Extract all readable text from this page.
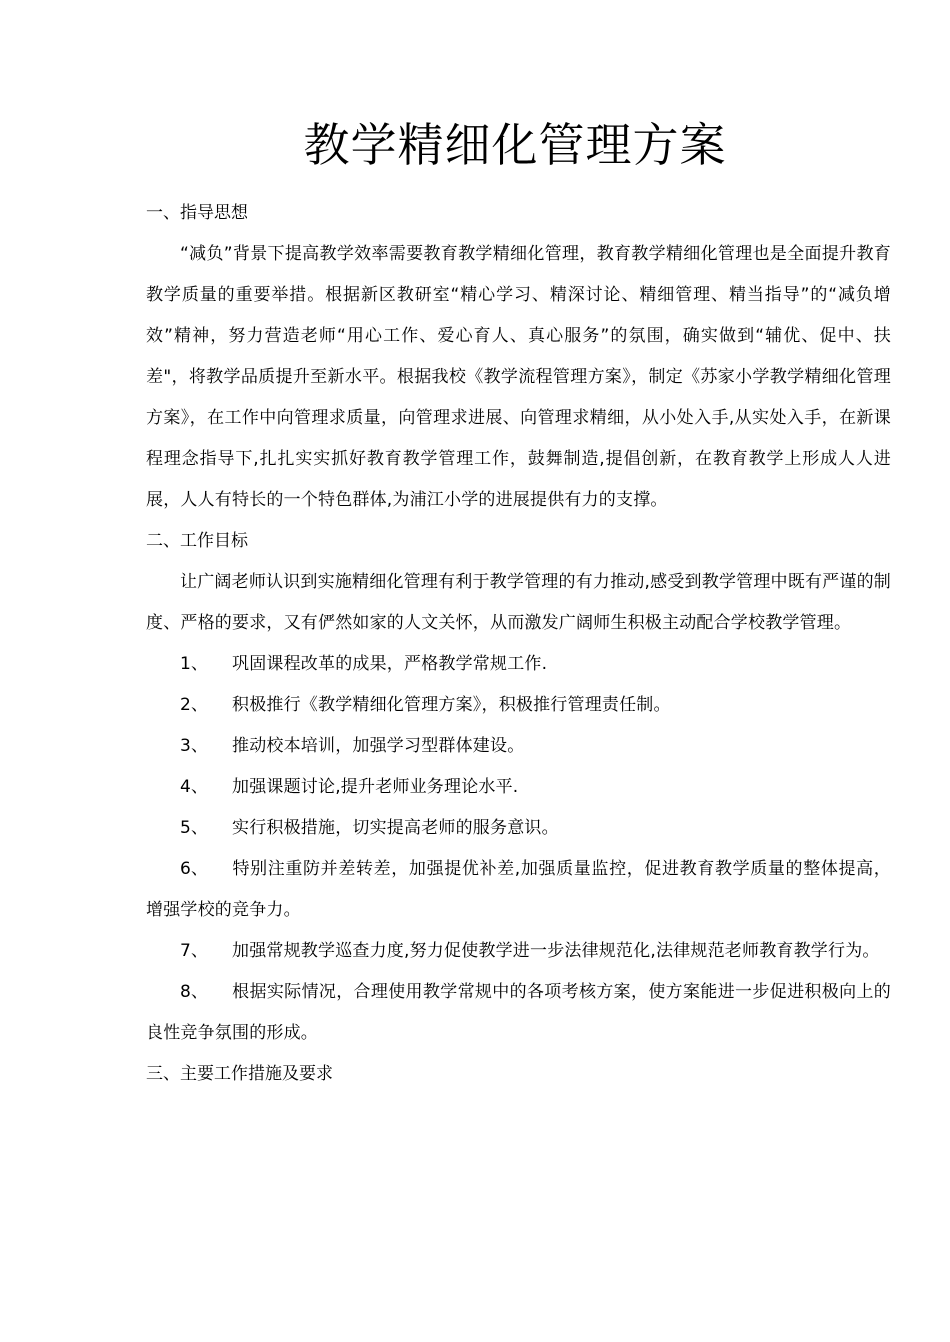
教学精细化管理方案

一、指导思想

“减负”背景下提高教学效率需要教育教学精细化管理，教育教学精细化管理也是全面提升教育教学质量的重要举措。根据新区教研室“精心学习、精深讨论、精细管理、精当指导”的“减负增效”精神，努力营造老师“用心工作、爱心育人、真心服务”的氛围，确实做到“辅优、促中、扶差"，将教学品质提升至新水平。根据我校《教学流程管理方案》，制定《苏家小学教学精细化管理方案》，在工作中向管理求质量，向管理求进展、向管理求精细，从小处入手,从实处入手，在新课程理念指导下,扎扎实实抓好教育教学管理工作，鼓舞制造,提倡创新，在教育教学上形成人人进展，人人有特长的一个特色群体,为浦江小学的进展提供有力的支撑。

二、工作目标

让广阔老师认识到实施精细化管理有利于教学管理的有力推动,感受到教学管理中既有严谨的制度、严格的要求，又有俨然如家的人文关怀，从而激发广阔师生积极主动配合学校教学管理。

1、 巩固课程改革的成果，严格教学常规工作.

2、 积极推行《教学精细化管理方案》，积极推行管理责任制。

3、 推动校本培训，加强学习型群体建设。

4、 加强课题讨论,提升老师业务理论水平.

5、 实行积极措施，切实提高老师的服务意识。

6、 特别注重防并差转差，加强提优补差,加强质量监控，促进教育教学质量的整体提高，增强学校的竞争力。

7、 加强常规教学巡查力度,努力促使教学进一步法律规范化,法律规范老师教育教学行为。

8、 根据实际情况，合理使用教学常规中的各项考核方案，使方案能进一步促进积极向上的良性竞争氛围的形成。

三、主要工作措施及要求
